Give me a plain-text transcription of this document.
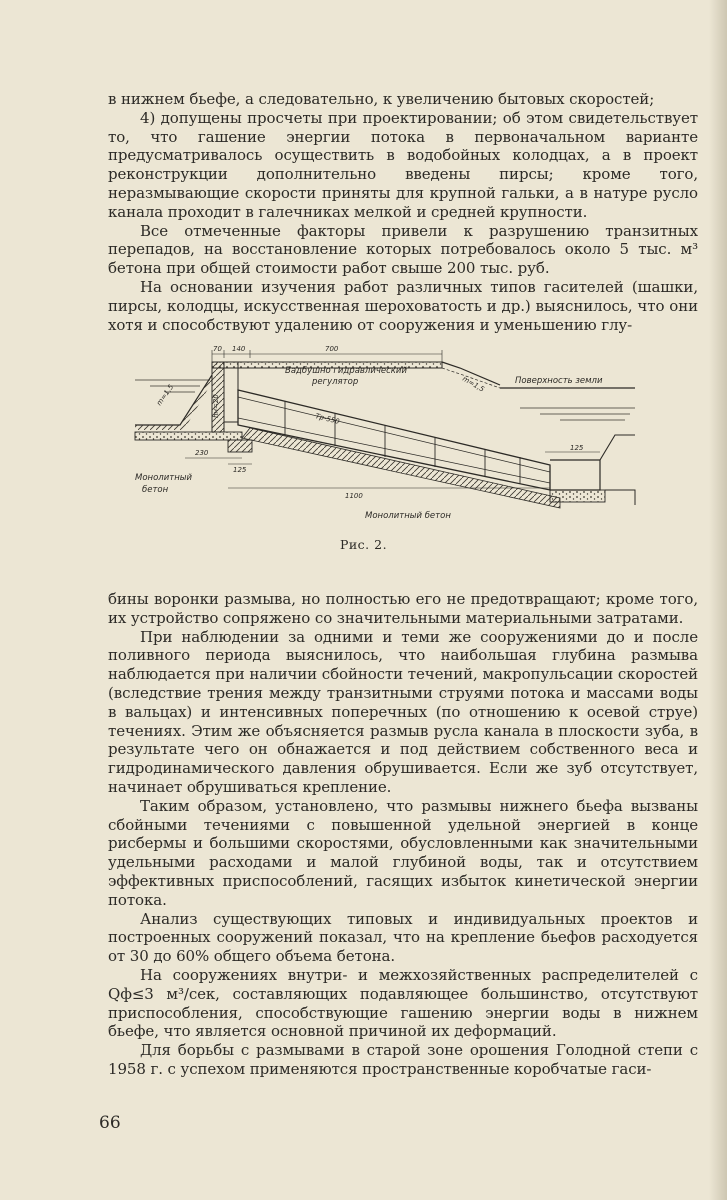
в нижнем бьефе, а следовательно, к увеличению бытовых скоростей;

4) допущены просчеты при проектировании; об этом свидетельствует то, что гашение энергии потока в первоначальном варианте предусматривалось осуществить в водобойных колодцах, а в проект реконструкции дополнительно введены пирсы; кроме того, неразмывающие скорости приняты для крупной гальки, а в натуре русло канала проходит в галечниках мелкой и средней крупности.

Все отмеченные факторы привели к разрушению транзитных перепадов, на восстановление которых потребовалось около 5 тыс. м³ бетона при общей стоимости работ свыше 200 тыс. руб.

На основании изучения работ различных типов гасителей (шашки, пирсы, колодцы, искусственная шероховатость и др.) выяснилось, что они хотя и способствуют удалению от сооружения и уменьшению глу-

70 140	700
230
125
125
1100
m=1,5	m=1,5
hн=20
Вадбушно гидравлический
регулятор	Поверхность земли
Монолитный
бетон
Монолитный бетон
Тр-550
Рис. 2.

бины воронки размыва, но полностью его не предотвращают; кроме того, их устройство сопряжено со значительными материальными затратами.

При наблюдении за одними и теми же сооружениями до и после поливного периода выяснилось, что наибольшая глубина размыва наблюдается при наличии сбойности течений, макропульсации скоростей (вследствие трения между транзитными струями потока и массами воды в вальцах) и интенсивных поперечных (по отношению к осевой струе) течениях. Этим же объясняется размыв русла канала в плоскости зуба, в результате чего он обнажается и под действием собственного веса и гидродинамического давления обрушивается. Если же зуб отсутствует, начинает обрушиваться крепление.

Таким образом, установлено, что размывы нижнего бьефа вызваны сбойными течениями с повышенной удельной энергией в конце рисбермы и большими скоростями, обусловленными как значительными удельными расходами и малой глубиной воды, так и отсутствием эффективных приспособлений, гасящих избыток кинетической энергии потока.

Анализ существующих типовых и индивидуальных проектов и построенных сооружений показал, что на крепление бьефов расходуется от 30 до 60% общего объема бетона.

На сооружениях внутри- и межхозяйственных распределителей с Qф≤3 м³/сек, составляющих подавляющее большинство, отсутствуют приспособления, способствующие гашению энергии воды в нижнем бьефе, что является основной причиной их деформаций.

Для борьбы с размывами в старой зоне орошения Голодной степи с 1958 г. с успехом применяются пространственные коробчатые гаси-

66
